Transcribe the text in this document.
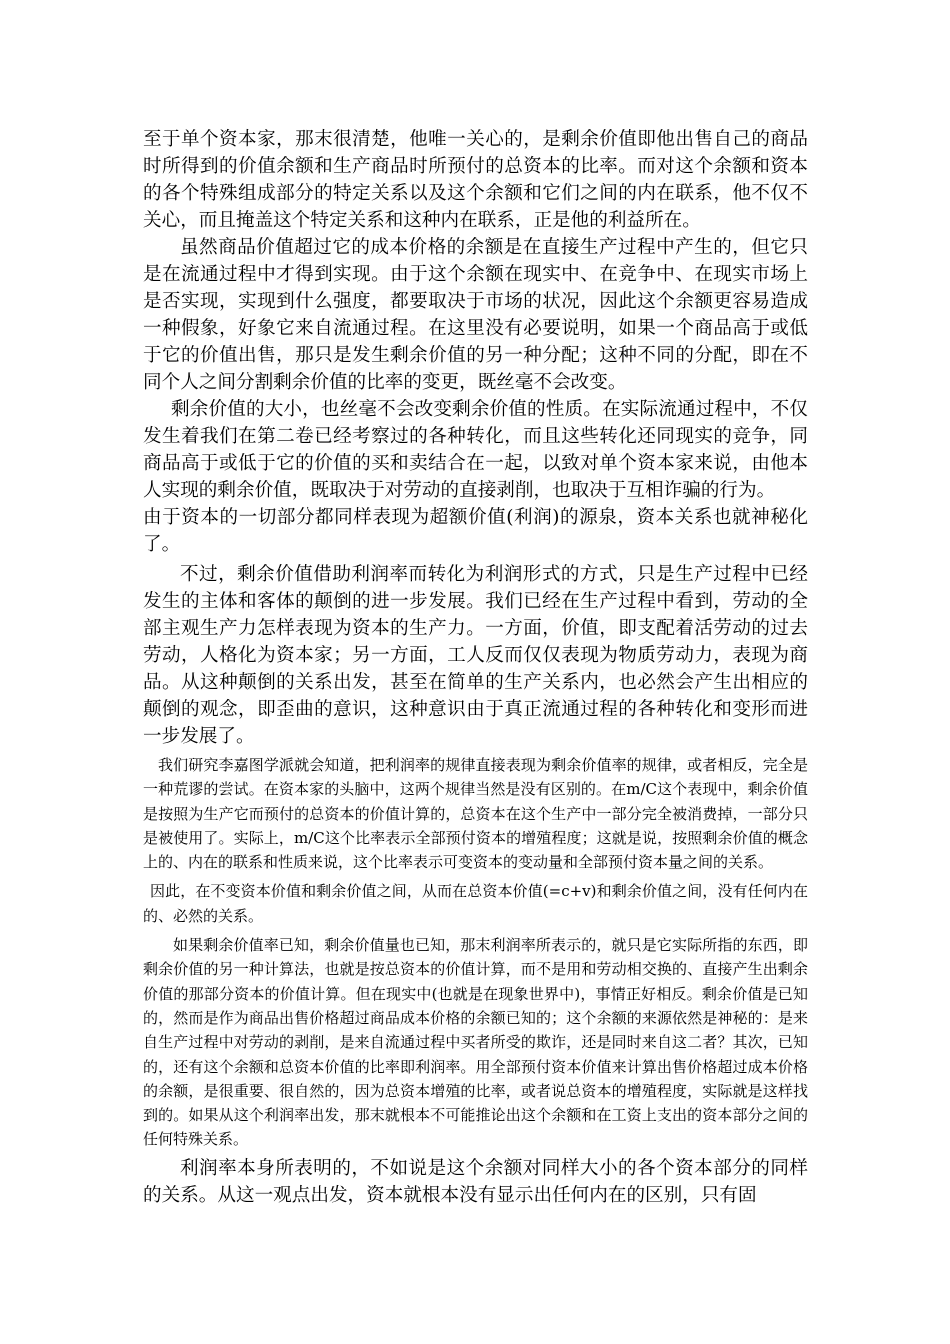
至于单个资本家，那末很清楚，他唯一关心的，是剩余价值即他出售自己的商品时所得到的价值余额和生产商品时所预付的总资本的比率。而对这个余额和资本的各个特殊组成部分的特定关系以及这个余额和它们之间的内在联系，他不仅不关心，而且掩盖这个特定关系和这种内在联系，正是他的利益所在。

虽然商品价值超过它的成本价格的余额是在直接生产过程中产生的，但它只是在流通过程中才得到实现。由于这个余额在现实中、在竞争中、在现实市场上是否实现，实现到什么强度，都要取决于市场的状况，因此这个余额更容易造成一种假象，好象它来自流通过程。在这里没有必要说明，如果一个商品高于或低于它的价值出售，那只是发生剩余价值的另一种分配；这种不同的分配，即在不同个人之间分割剩余价值的比率的变更，既丝毫不会改变。

剩余价值的大小，也丝毫不会改变剩余价值的性质。在实际流通过程中，不仅发生着我们在第二卷已经考察过的各种转化，而且这些转化还同现实的竞争，同商品高于或低于它的价值的买和卖结合在一起，以致对单个资本家来说，由他本人实现的剩余价值，既取决于对劳动的直接剥削，也取决于互相诈骗的行为。

由于资本的一切部分都同样表现为超额价值(利润)的源泉，资本关系也就神秘化了。

不过，剩余价值借助利润率而转化为利润形式的方式，只是生产过程中已经发生的主体和客体的颠倒的进一步发展。我们已经在生产过程中看到，劳动的全部主观生产力怎样表现为资本的生产力。一方面，价值，即支配着活劳动的过去劳动，人格化为资本家；另一方面，工人反而仅仅表现为物质劳动力，表现为商品。从这种颠倒的关系出发，甚至在简单的生产关系内，也必然会产生出相应的颠倒的观念，即歪曲的意识，这种意识由于真正流通过程的各种转化和变形而进一步发展了。

我们研究李嘉图学派就会知道，把利润率的规律直接表现为剩余价值率的规律，或者相反，完全是一种荒谬的尝试。在资本家的头脑中，这两个规律当然是没有区别的。在m/C这个表现中，剩余价值是按照为生产它而预付的总资本的价值计算的，总资本在这个生产中一部分完全被消费掉，一部分只是被使用了。实际上，m/C这个比率表示全部预付资本的增殖程度；这就是说，按照剩余价值的概念上的、内在的联系和性质来说，这个比率表示可变资本的变动量和全部预付资本量之间的关系。

因此，在不变资本价值和剩余价值之间，从而在总资本价值(=c+v)和剩余价值之间，没有任何内在的、必然的关系。

如果剩余价值率已知，剩余价值量也已知，那末利润率所表示的，就只是它实际所指的东西，即剩余价值的另一种计算法，也就是按总资本的价值计算，而不是用和劳动相交换的、直接产生出剩余价值的那部分资本的价值计算。但在现实中(也就是在现象世界中)，事情正好相反。剩余价值是已知的，然而是作为商品出售价格超过商品成本价格的余额已知的；这个余额的来源依然是神秘的：是来自生产过程中对劳动的剥削，是来自流通过程中买者所受的欺诈，还是同时来自这二者？其次，已知的，还有这个余额和总资本价值的比率即利润率。用全部预付资本价值来计算出售价格超过成本价格的余额，是很重要、很自然的，因为总资本增殖的比率，或者说总资本的增殖程度，实际就是这样找到的。如果从这个利润率出发，那末就根本不可能推论出这个余额和在工资上支出的资本部分之间的任何特殊关系。

利润率本身所表明的，不如说是这个余额对同样大小的各个资本部分的同样的关系。从这一观点出发，资本就根本没有显示出任何内在的区别，只有固
